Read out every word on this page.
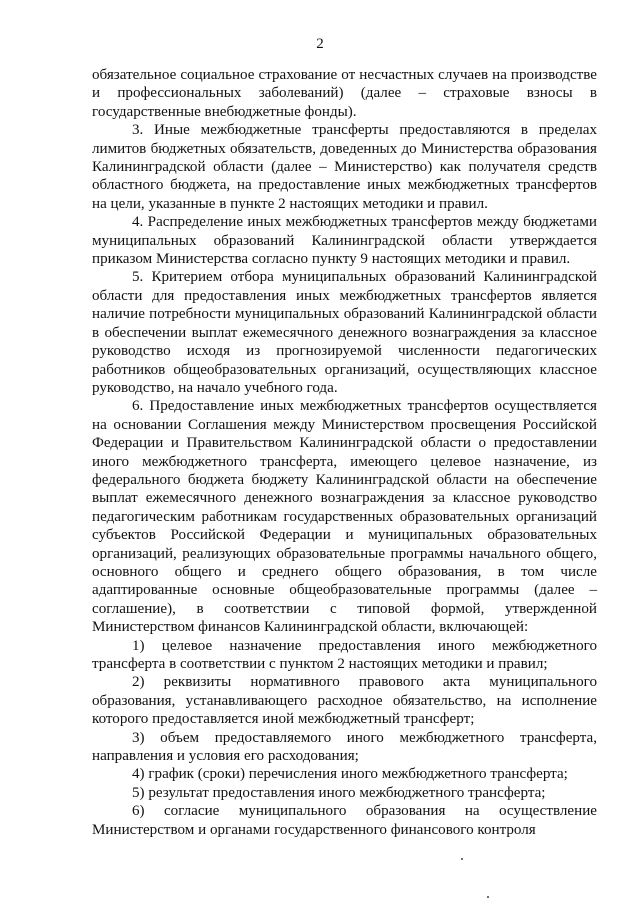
2

обязательное социальное страхование от несчастных случаев на производстве и профессиональных заболеваний) (далее – страховые взносы в государственные внебюджетные фонды).

3. Иные межбюджетные трансферты предоставляются в пределах лимитов бюджетных обязательств, доведенных до Министерства образования Калининградской области (далее – Министерство) как получателя средств областного бюджета, на предоставление иных межбюджетных трансфертов на цели, указанные в пункте 2 настоящих методики и правил.

4. Распределение иных межбюджетных трансфертов между бюджетами муниципальных образований Калининградской области утверждается приказом Министерства согласно пункту 9 настоящих методики и правил.

5. Критерием отбора муниципальных образований Калининградской области для предоставления иных межбюджетных трансфертов является наличие потребности муниципальных образований Калининградской области в обеспечении выплат ежемесячного денежного вознаграждения за классное руководство исходя из прогнозируемой численности педагогических работников общеобразовательных организаций, осуществляющих классное руководство, на начало учебного года.

6. Предоставление иных межбюджетных трансфертов осуществляется на основании Соглашения между Министерством просвещения Российской Федерации и Правительством Калининградской области о предоставлении иного межбюджетного трансферта, имеющего целевое назначение, из федерального бюджета бюджету Калининградской области на обеспечение выплат ежемесячного денежного вознаграждения за классное руководство педагогическим работникам государственных образовательных организаций субъектов Российской Федерации и муниципальных образовательных организаций, реализующих образовательные программы начального общего, основного общего и среднего общего образования, в том числе адаптированные основные общеобразовательные программы (далее – соглашение), в соответствии с типовой формой, утвержденной Министерством финансов Калининградской области, включающей:

1) целевое назначение предоставления иного межбюджетного трансферта в соответствии с пунктом 2 настоящих методики и правил;

2) реквизиты нормативного правового акта муниципального образования, устанавливающего расходное обязательство, на исполнение которого предоставляется иной межбюджетный трансферт;

3) объем предоставляемого иного межбюджетного трансферта, направления и условия его расходования;

4) график (сроки) перечисления иного межбюджетного трансферта;

5) результат предоставления иного межбюджетного трансферта;

6) согласие муниципального образования на осуществление Министерством и органами государственного финансового контроля
